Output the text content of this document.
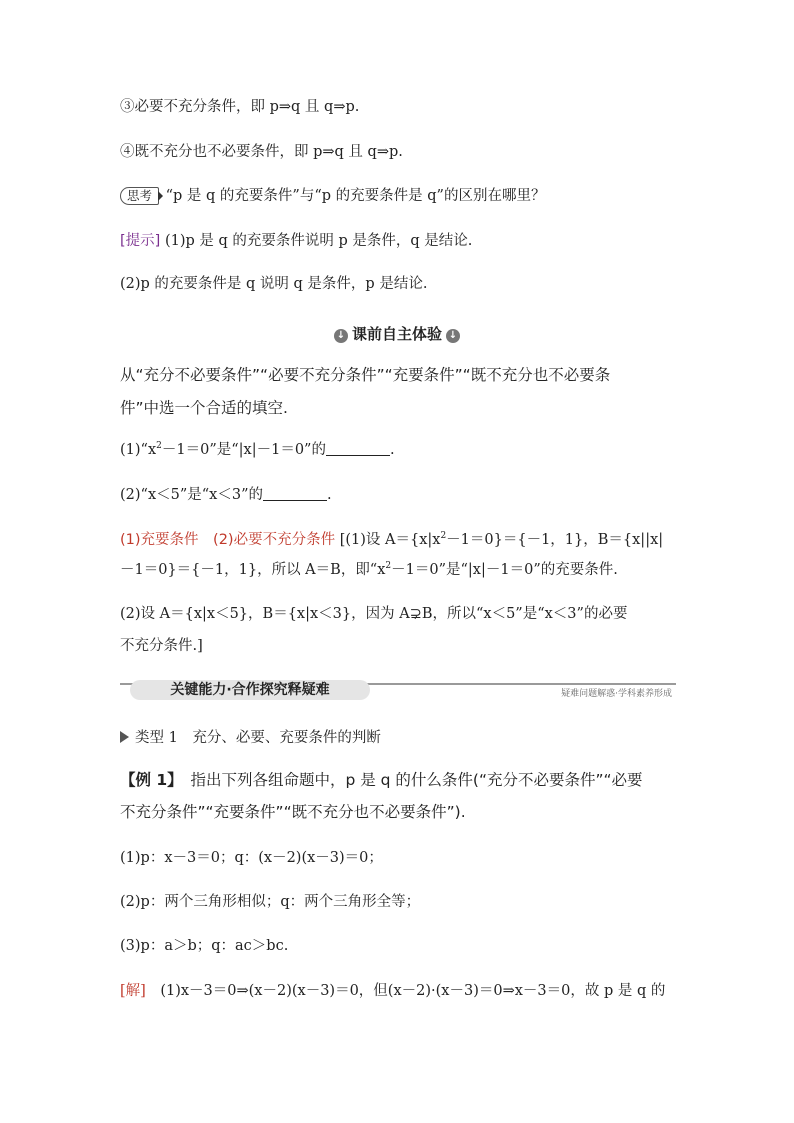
③必要不充分条件，即 p⇒q 且 q⇒p.
④既不充分也不必要条件，即 p⇒q 且 q⇒p.
思考 “p 是 q 的充要条件”与“p 的充要条件是 q”的区别在哪里？
[提示] (1)p 是 q 的充要条件说明 p 是条件，q 是结论.
(2)p 的充要条件是 q 说明 q 是条件，p 是结论.
↓ 课前自主体验 ↓
从“充分不必要条件”“必要不充分条件”“充要条件”“既不充分也不必要条
件”中选一个合适的填空.
$(1)“x^2-1=0$”是“|x|－1＝0”的	.
(2)“x＜5”是“x＜3”的	.
(1)充要条件　(2)必要不充分条件 [(1)设 $A=\{x|x^2-1=0\}=\{-1$，1}，B＝{x||x|
－1＝0}＝{－1，1}，所以 A＝B，即“$x^2-1=0$”是“|x|－1＝0”的充要条件.
(2)设 A＝{x|x＜5}，B＝{x|x＜3}，因为 A⊋B，所以“x＜5”是“x＜3”的必要
不充分条件.]
关键能力·合作探究释疑难	疑难问题解惑·学科素养形成
类型 1　充分、必要、充要条件的判断
【例 1】　指出下列各组命题中，p 是 q 的什么条件(“充分不必要条件”“必要
不充分条件”“充要条件”“既不充分也不必要条件”).
(1)p：x－3＝0；q：(x－2)(x－3)＝0；
(2)p：两个三角形相似；q：两个三角形全等；
(3)p：a＞b；q：ac＞bc.
[解]　(1)x－3＝0⇒(x－2)(x－3)＝0，但(x－2)·(x－3)＝0⇒x－3＝0，故 p 是 q 的
